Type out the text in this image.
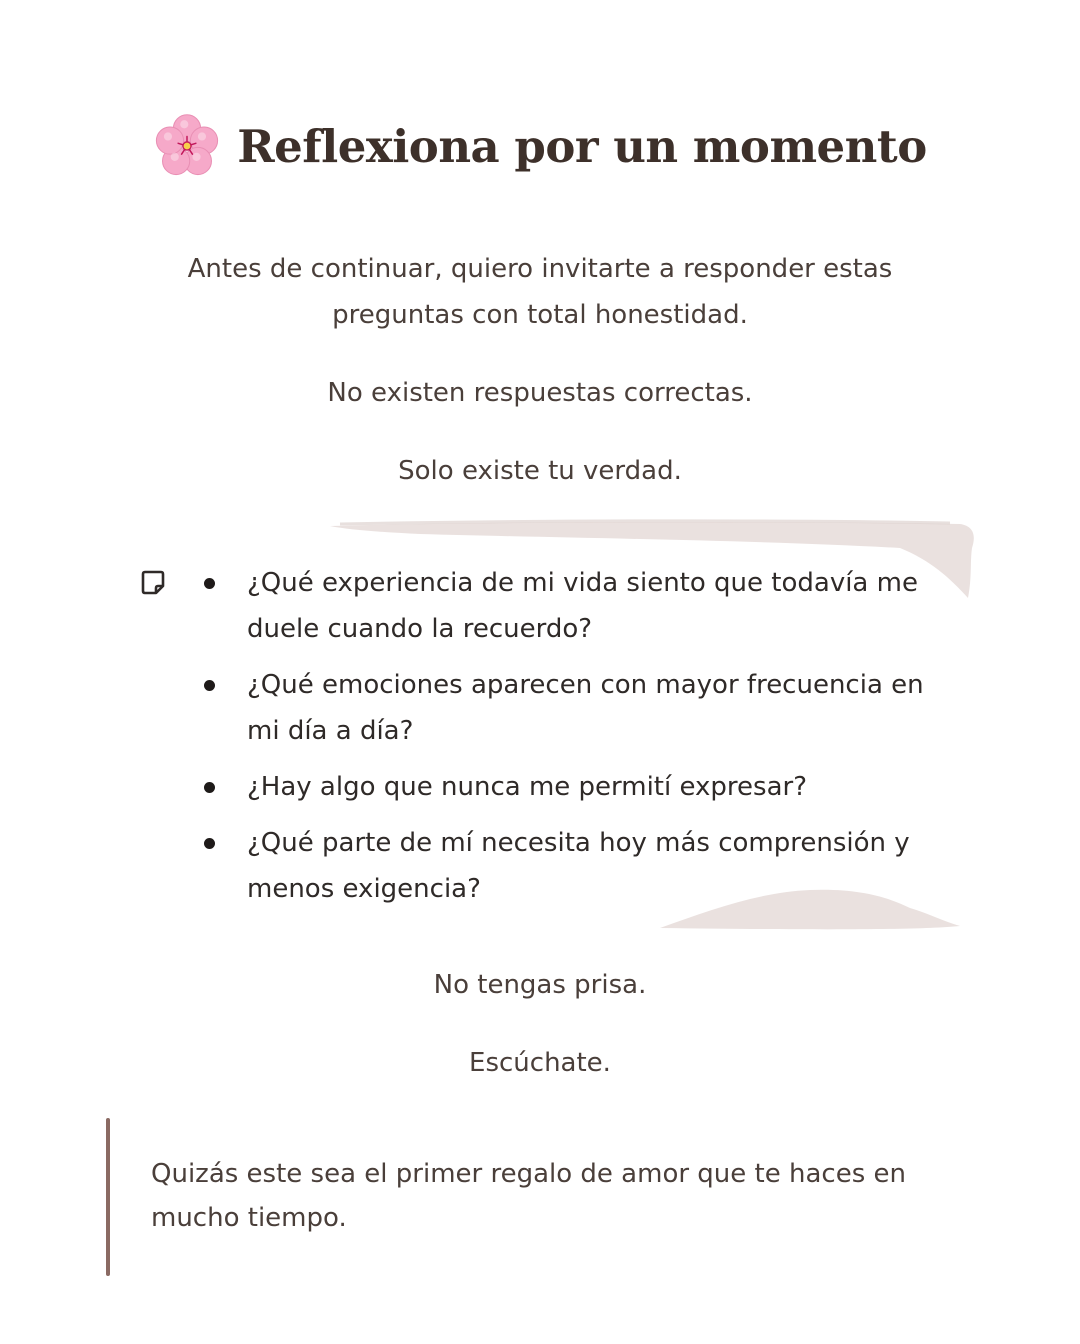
Reflexiona por un momento

Antes de continuar, quiero invitarte a responder estas
preguntas con total honestidad.

No existen respuestas correctas.

Solo existe tu verdad.

¿Qué experiencia de mi vida siento que todavía me duele cuando la recuerdo?
¿Qué emociones aparecen con mayor frecuencia en mi día a día?
¿Hay algo que nunca me permití expresar?
¿Qué parte de mí necesita hoy más comprensión y menos exigencia?

No tengas prisa.

Escúchate.

Quizás este sea el primer regalo de amor que te haces en mucho tiempo.
